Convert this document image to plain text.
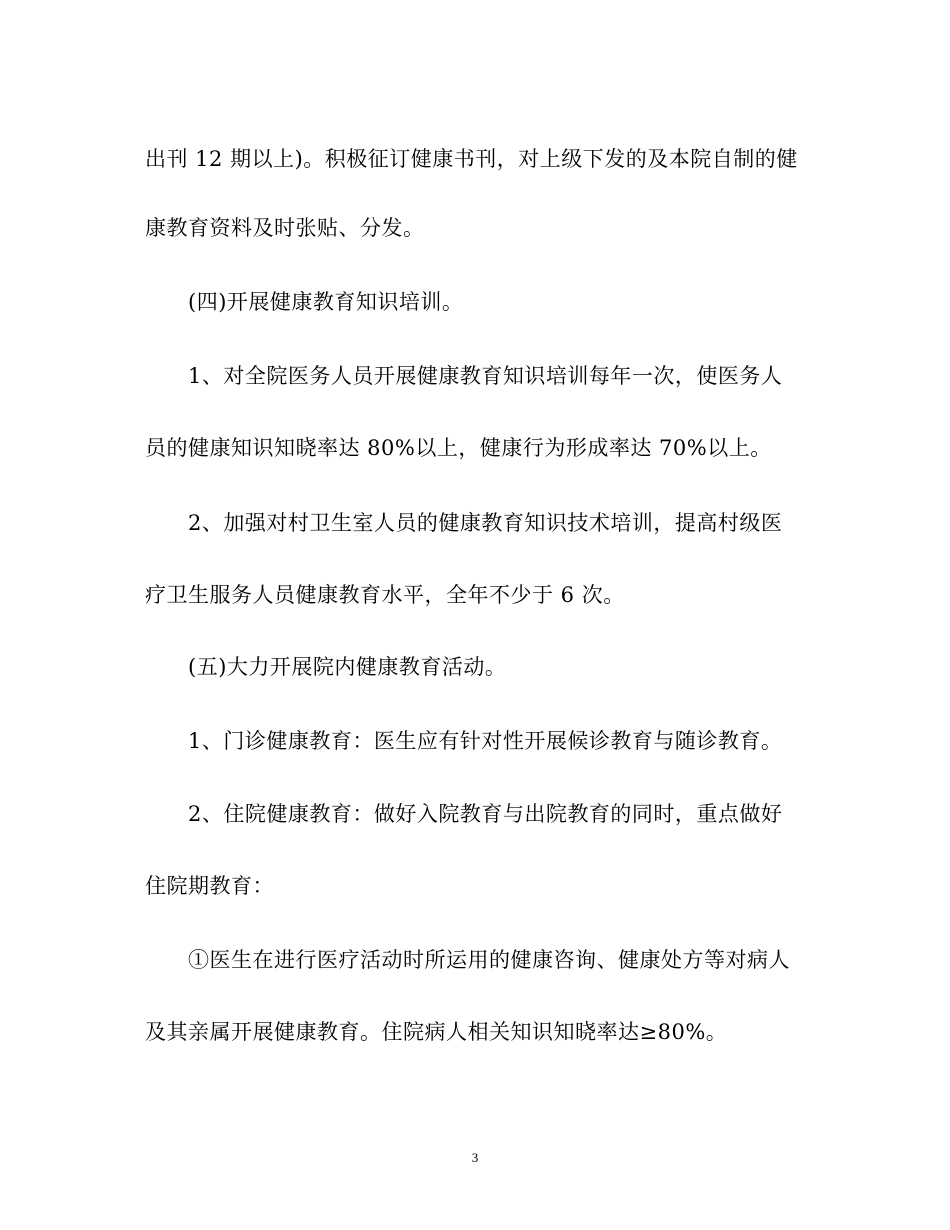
出刊 12 期以上)。积极征订健康书刊，对上级下发的及本院自制的健
康教育资料及时张贴、分发。
(四)开展健康教育知识培训。
1、对全院医务人员开展健康教育知识培训每年一次，使医务人
员的健康知识知晓率达 80%以上，健康行为形成率达 70%以上。
2、加强对村卫生室人员的健康教育知识技术培训，提高村级医
疗卫生服务人员健康教育水平，全年不少于 6 次。
(五)大力开展院内健康教育活动。
1、门诊健康教育：医生应有针对性开展候诊教育与随诊教育。
2、住院健康教育：做好入院教育与出院教育的同时，重点做好
住院期教育：
①医生在进行医疗活动时所运用的健康咨询、健康处方等对病人
及其亲属开展健康教育。住院病人相关知识知晓率达≥80%。
3
